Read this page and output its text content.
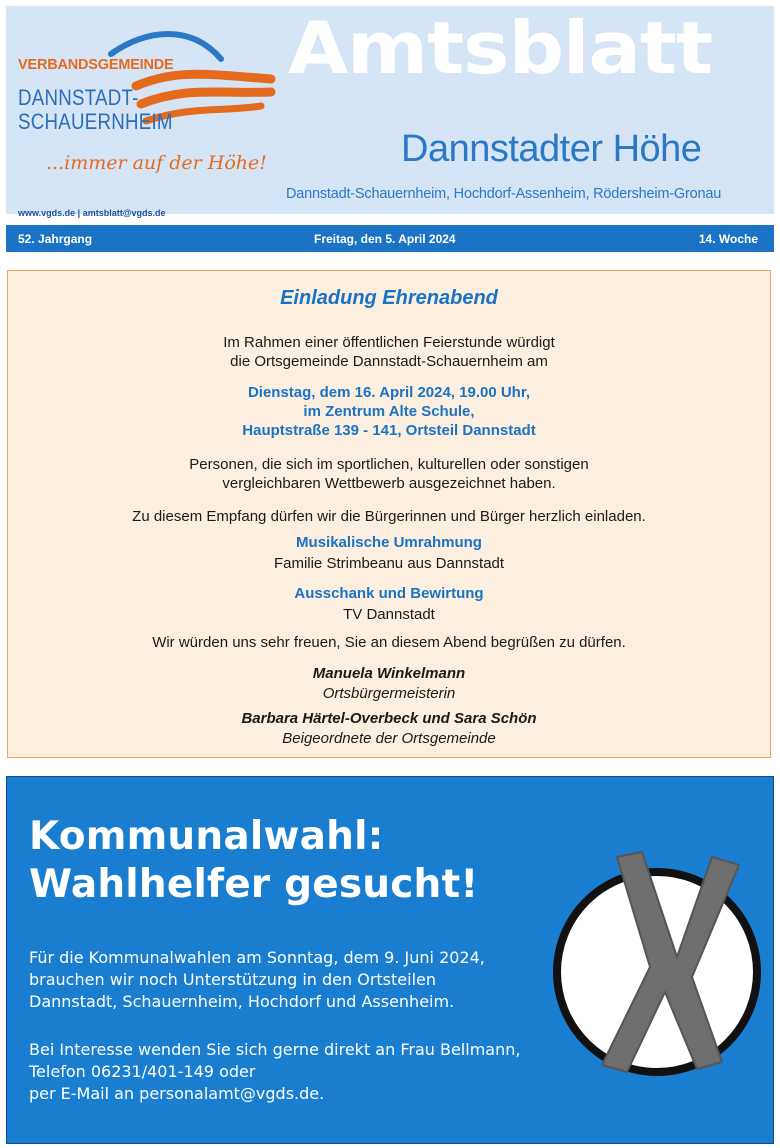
VERBANDSGEMEINDE
DANNSTADT-
SCHAUERNHEIM
...immer auf der Höhe!
www.vgds.de | amtsblatt@vgds.de
Amtsblatt
Dannstadter Höhe
Dannstadt-Schauernheim, Hochdorf-Assenheim, Rödersheim-Gronau
52. Jahrgang	Freitag, den 5. April 2024	14. Woche
Einladung Ehrenabend
Im Rahmen einer öffentlichen Feierstunde würdigt
die Ortsgemeinde Dannstadt-Schauernheim am
Dienstag, dem 16. April 2024, 19.00 Uhr,
im Zentrum Alte Schule,
Hauptstraße 139 - 141, Ortsteil Dannstadt
Personen, die sich im sportlichen, kulturellen oder sonstigen
vergleichbaren Wettbewerb ausgezeichnet haben.
Zu diesem Empfang dürfen wir die Bürgerinnen und Bürger herzlich einladen.
Musikalische Umrahmung
Familie Strimbeanu aus Dannstadt
Ausschank und Bewirtung
TV Dannstadt
Wir würden uns sehr freuen, Sie an diesem Abend begrüßen zu dürfen.
Manuela Winkelmann
Ortsbürgermeisterin
Barbara Härtel-Overbeck und Sara Schön
Beigeordnete der Ortsgemeinde
Kommunalwahl:
Wahlhelfer gesucht!
Für die Kommunalwahlen am Sonntag, dem 9. Juni 2024,
brauchen wir noch Unterstützung in den Ortsteilen
Dannstadt, Schauernheim, Hochdorf und Assenheim.
Bei Interesse wenden Sie sich gerne direkt an Frau Bellmann,
Telefon 06231/401-149 oder
per E-Mail an personalamt@vgds.de.
